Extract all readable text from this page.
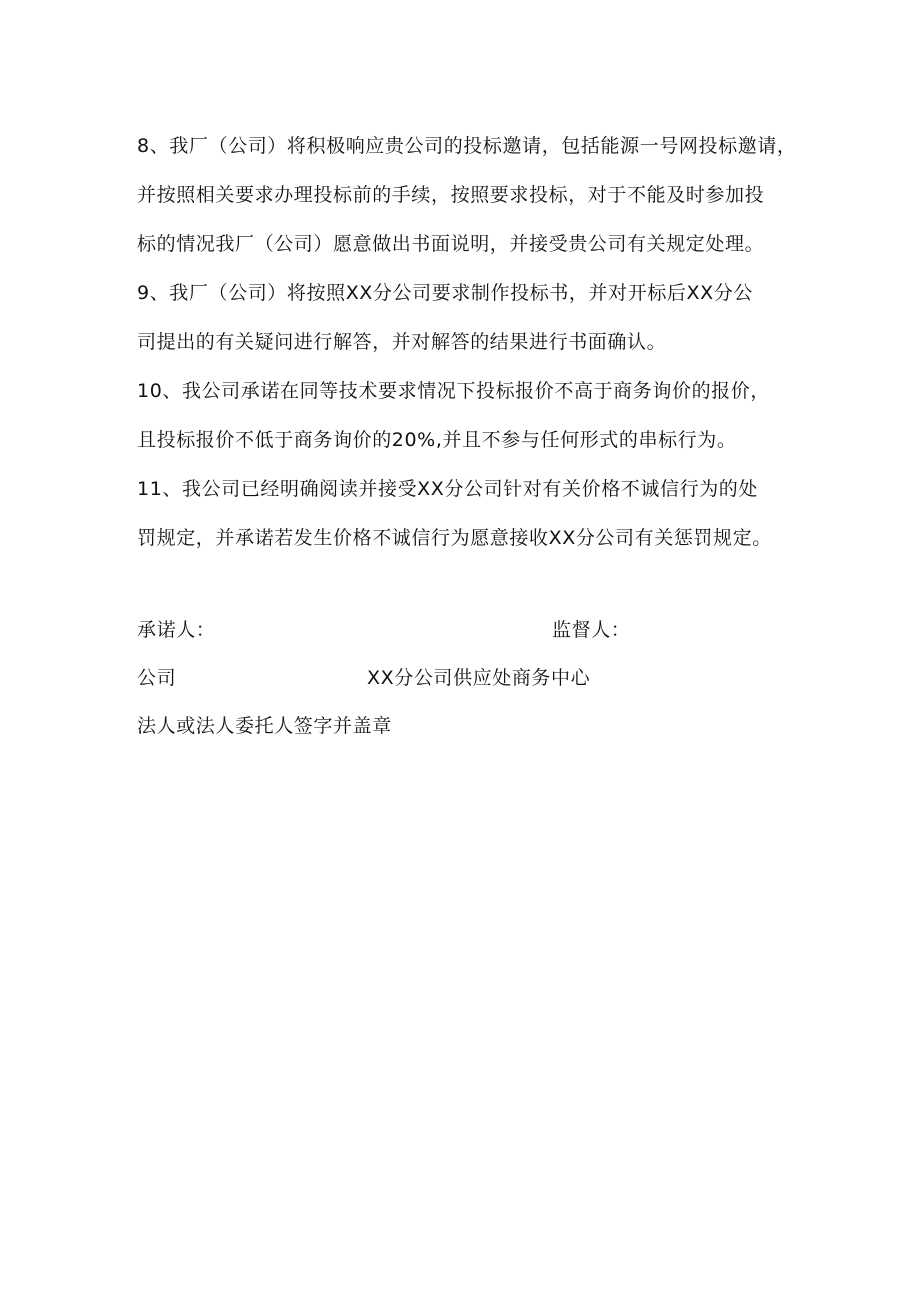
8、我厂（公司）将积极响应贵公司的投标邀请，包括能源一号网投标邀请，
并按照相关要求办理投标前的手续，按照要求投标，对于不能及时参加投
标的情况我厂（公司）愿意做出书面说明，并接受贵公司有关规定处理。
9、我厂（公司）将按照XX分公司要求制作投标书，并对开标后XX分公
司提出的有关疑问进行解答，并对解答的结果进行书面确认。
10、我公司承诺在同等技术要求情况下投标报价不高于商务询价的报价，
且投标报价不低于商务询价的20%,并且不参与任何形式的串标行为。
11、我公司已经明确阅读并接受XX分公司针对有关价格不诚信行为的处
罚规定，并承诺若发生价格不诚信行为愿意接收XX分公司有关惩罚规定。
承诺人：	监督人：
公司	XX分公司供应处商务中心
法人或法人委托人签字并盖章
